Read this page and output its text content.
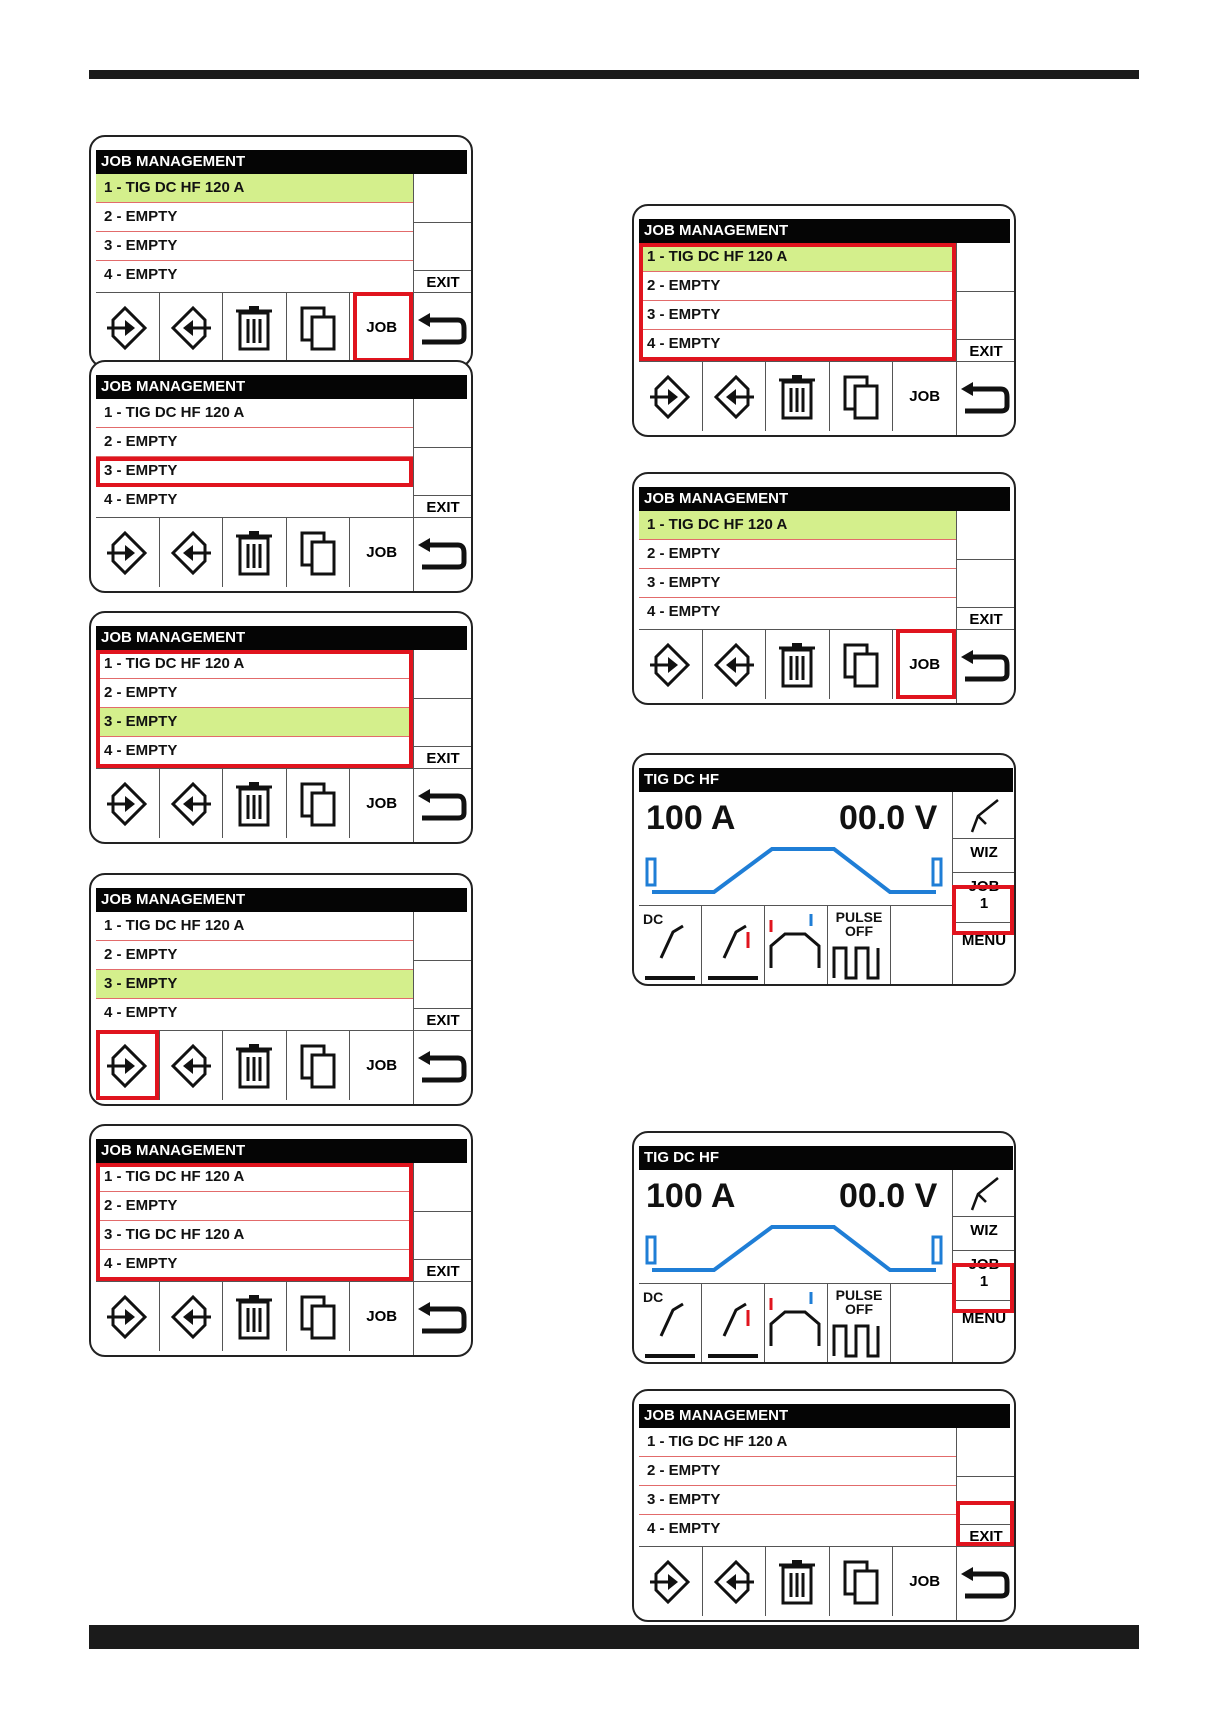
JOB MANAGEMENT
1 - TIG DC HF 120 A
2 - EMPTY
3 - EMPTY
4 - EMPTY	EXIT
JOB
JOB MANAGEMENT
1 - TIG DC HF 120 A
2 - EMPTY
3 - EMPTY
4 - EMPTY	EXIT
JOB
JOB MANAGEMENT
1 - TIG DC HF 120 A
2 - EMPTY
3 - EMPTY
4 - EMPTY	EXIT
JOB
JOB MANAGEMENT
1 - TIG DC HF 120 A
2 - EMPTY
3 - EMPTY
4 - EMPTY	EXIT
JOB
JOB MANAGEMENT
1 - TIG DC HF 120 A
2 - EMPTY
3 - TIG DC HF 120 A
4 - EMPTY	EXIT
JOB
JOB MANAGEMENT
1 - TIG DC HF 120 A
2 - EMPTY
3 - EMPTY
4 - EMPTY	EXIT
JOB
JOB MANAGEMENT
1 - TIG DC HF 120 A
2 - EMPTY
3 - EMPTY
4 - EMPTY	EXIT
JOB
TIG DC HF
100 A	00.0 V
WIZ
JOB
1
MENU
DC	PULSE
OFF
TIG DC HF
100 A	00.0 V
WIZ
JOB
1
MENU
DC	PULSE
OFF
JOB MANAGEMENT
1 - TIG DC HF 120 A
2 - EMPTY
3 - EMPTY
4 - EMPTY	EXIT
JOB
